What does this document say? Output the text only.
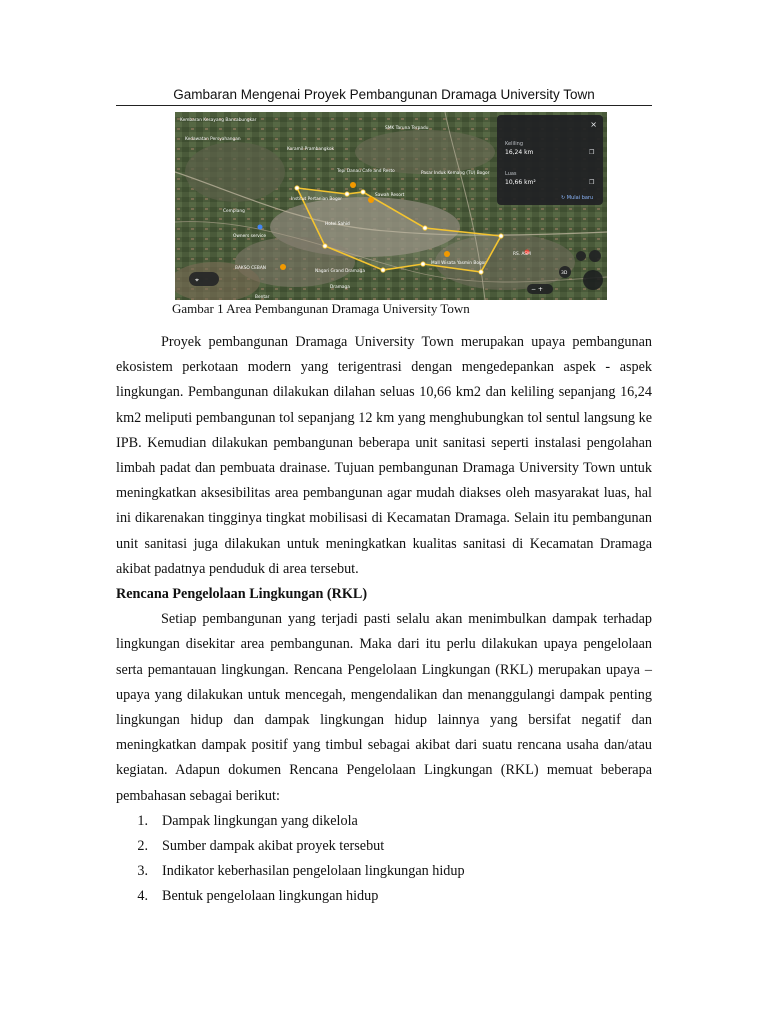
Gambaran Mengenai Proyek Pembangunan Dramaga University Town
Kembaran Kesayang Bancabungkar
Koramil Prambangkok
SMK Taruna Terpadu
Kedawatan Persyahangan
Tepi Danau Cafe and Resto	Pasar Induk Kemang (TU) Bogor
Sawah Resort
Institut Pertanian Bogor
Hotel Sahid
Cemplang
Owners service
BAKSO CEBAN
Nagari Grand Dramaga
Dramaga
Mall Wisata Yasmin Bogor
RS. ASM
Bentar
⌖
3D
− +
×
Keliling
16,24 km	❐
Luas
10,66 km²	❐
↻ Mulai baru
Gambar 1 Area Pembangunan Dramaga University Town

Proyek pembangunan Dramaga University Town merupakan upaya pembangunan ekosistem perkotaan modern yang terigentrasi dengan mengedepankan aspek - aspek lingkungan. Pembangunan dilakukan dilahan seluas 10,66 km2 dan keliling sepanjang 16,24 km2 meliputi pembangunan tol sepanjang 12 km yang menghubungkan tol sentul langsung ke IPB. Kemudian dilakukan pembangunan beberapa unit sanitasi seperti instalasi pengolahan limbah padat dan pembuata drainase. Tujuan pembangunan Dramaga University Town untuk meningkatkan aksesibilitas area pembangunan agar mudah diakses oleh masyarakat luas, hal ini dikarenakan tingginya tingkat mobilisasi di Kecamatan Dramaga. Selain itu pembangunan unit sanitasi juga dilakukan untuk meningkatkan kualitas sanitasi di Kecamatan Dramaga akibat padatnya penduduk di area tersebut.

Rencana Pengelolaan Lingkungan (RKL)

Setiap pembangunan yang terjadi pasti selalu akan menimbulkan dampak terhadap lingkungan disekitar area pembangunan. Maka dari itu perlu dilakukan upaya pengelolaan serta pemantauan lingkungan. Rencana Pengelolaan Lingkungan (RKL) merupakan upaya – upaya yang dilakukan untuk mencegah, mengendalikan dan menanggulangi dampak penting lingkungan hidup dan dampak lingkungan hidup lainnya yang bersifat negatif dan meningkatkan dampak positif yang timbul sebagai akibat dari suatu rencana usaha dan/atau kegiatan. Adapun dokumen Rencana Pengelolaan Lingkungan (RKL) memuat beberapa pembahasan sebagai berikut:

1. Dampak lingkungan yang dikelola
2. Sumber dampak akibat proyek tersebut
3. Indikator keberhasilan pengelolaan lingkungan hidup
4. Bentuk pengelolaan lingkungan hidup
